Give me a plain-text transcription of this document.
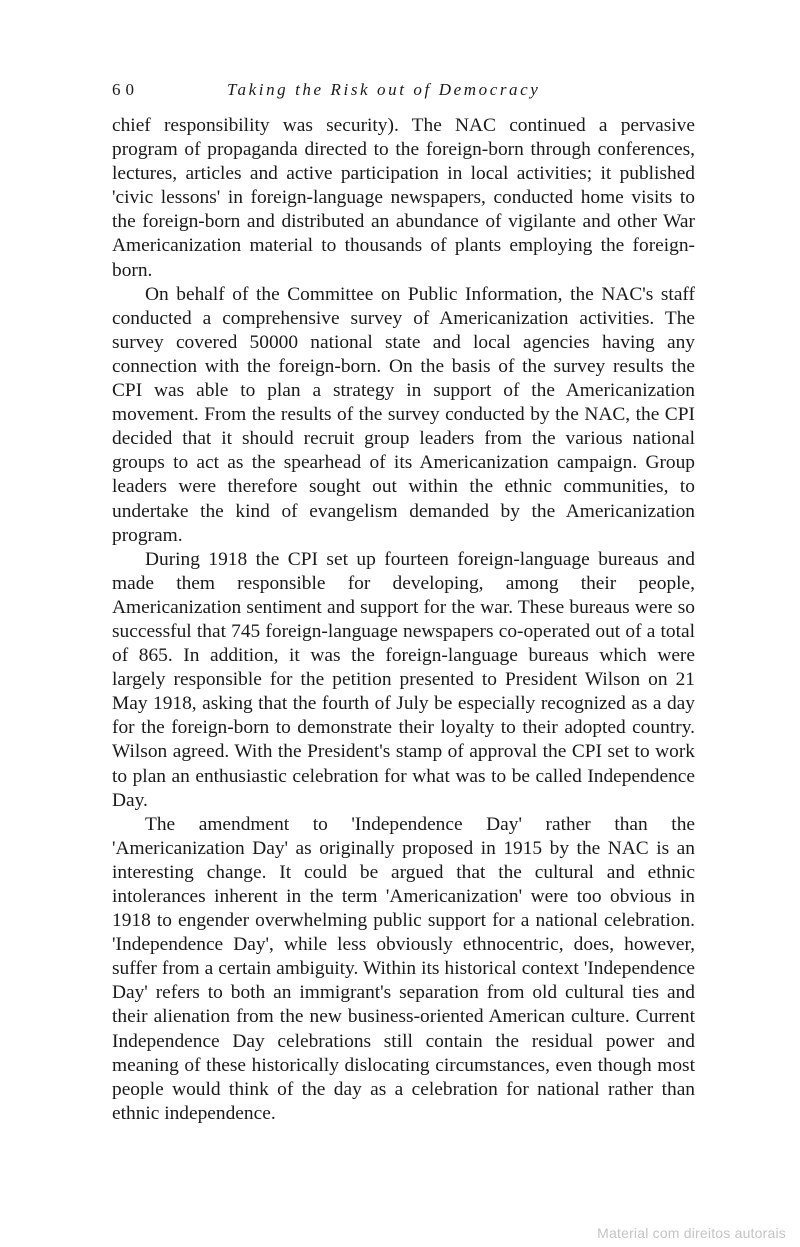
60	Taking the Risk out of Democracy

chief responsibility was security). The NAC continued a pervasive program of propaganda directed to the foreign-born through conferences, lectures, articles and active participation in local activities; it published 'civic lessons' in foreign-language newspapers, conducted home visits to the foreign-born and distributed an abundance of vigilante and other War Americanization material to thousands of plants employing the foreign-born.

On behalf of the Committee on Public Information, the NAC's staff conducted a comprehensive survey of Americanization activities. The survey covered 50000 national state and local agencies having any connection with the foreign-born. On the basis of the survey results the CPI was able to plan a strategy in support of the Americanization movement. From the results of the survey conducted by the NAC, the CPI decided that it should recruit group leaders from the various national groups to act as the spearhead of its Americanization campaign. Group leaders were therefore sought out within the ethnic communities, to undertake the kind of evangelism demanded by the Americanization program.

During 1918 the CPI set up fourteen foreign-language bureaus and made them responsible for developing, among their people, Americanization sentiment and support for the war. These bureaus were so successful that 745 foreign-language newspapers co-operated out of a total of 865. In addition, it was the foreign-language bureaus which were largely responsible for the petition presented to President Wilson on 21 May 1918, asking that the fourth of July be especially recognized as a day for the foreign-born to demonstrate their loyalty to their adopted country. Wilson agreed. With the President's stamp of approval the CPI set to work to plan an enthusiastic celebration for what was to be called Independence Day.

The amendment to 'Independence Day' rather than the 'Americanization Day' as originally proposed in 1915 by the NAC is an interesting change. It could be argued that the cultural and ethnic intolerances inherent in the term 'Americanization' were too obvious in 1918 to engender overwhelming public support for a national celebration. 'Independence Day', while less obviously ethnocentric, does, however, suffer from a certain ambiguity. Within its historical context 'Independence Day' refers to both an immigrant's separation from old cultural ties and their alienation from the new business-oriented American culture. Current Independence Day celebrations still contain the residual power and meaning of these historically dislocating circumstances, even though most people would think of the day as a celebration for national rather than ethnic independence.

Material com direitos autorais
